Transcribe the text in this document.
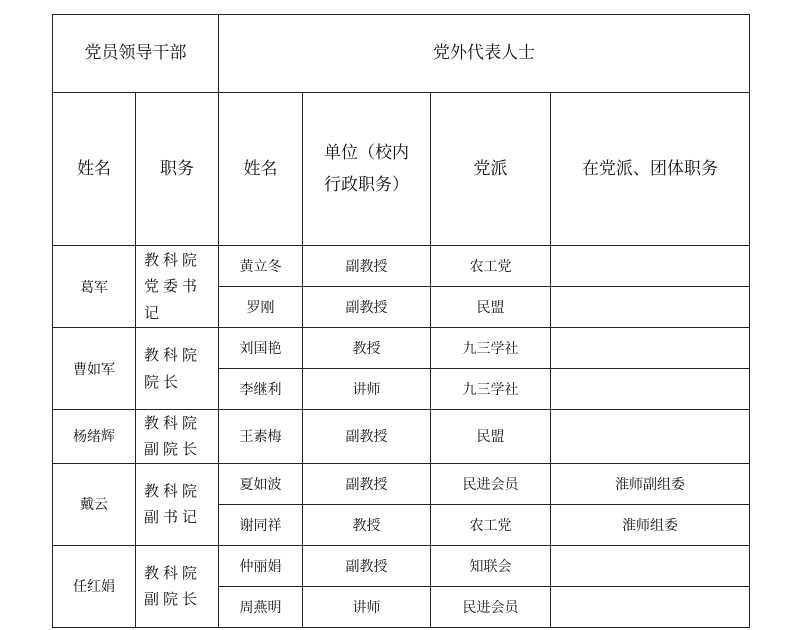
党员领导干部		党外代表人士			
姓名	职务	姓名	单位（校内行政职务）	党派	在党派、团体职务
葛军	教科院党委书记	黄立冬	副教授	农工党	
		罗刚	副教授	民盟	
曹如军	教科院院长	刘国艳	教授	九三学社	
		李继利	讲师	九三学社	
杨绪辉	教科院副院长	王素梅	副教授	民盟	
戴云	教科院副书记	夏如波	副教授	民进会员	淮师副组委
		谢同祥	教授	农工党	淮师组委
任红娟	教科院副院长	仲丽娟	副教授	知联会	
		周燕明	讲师	民进会员	
